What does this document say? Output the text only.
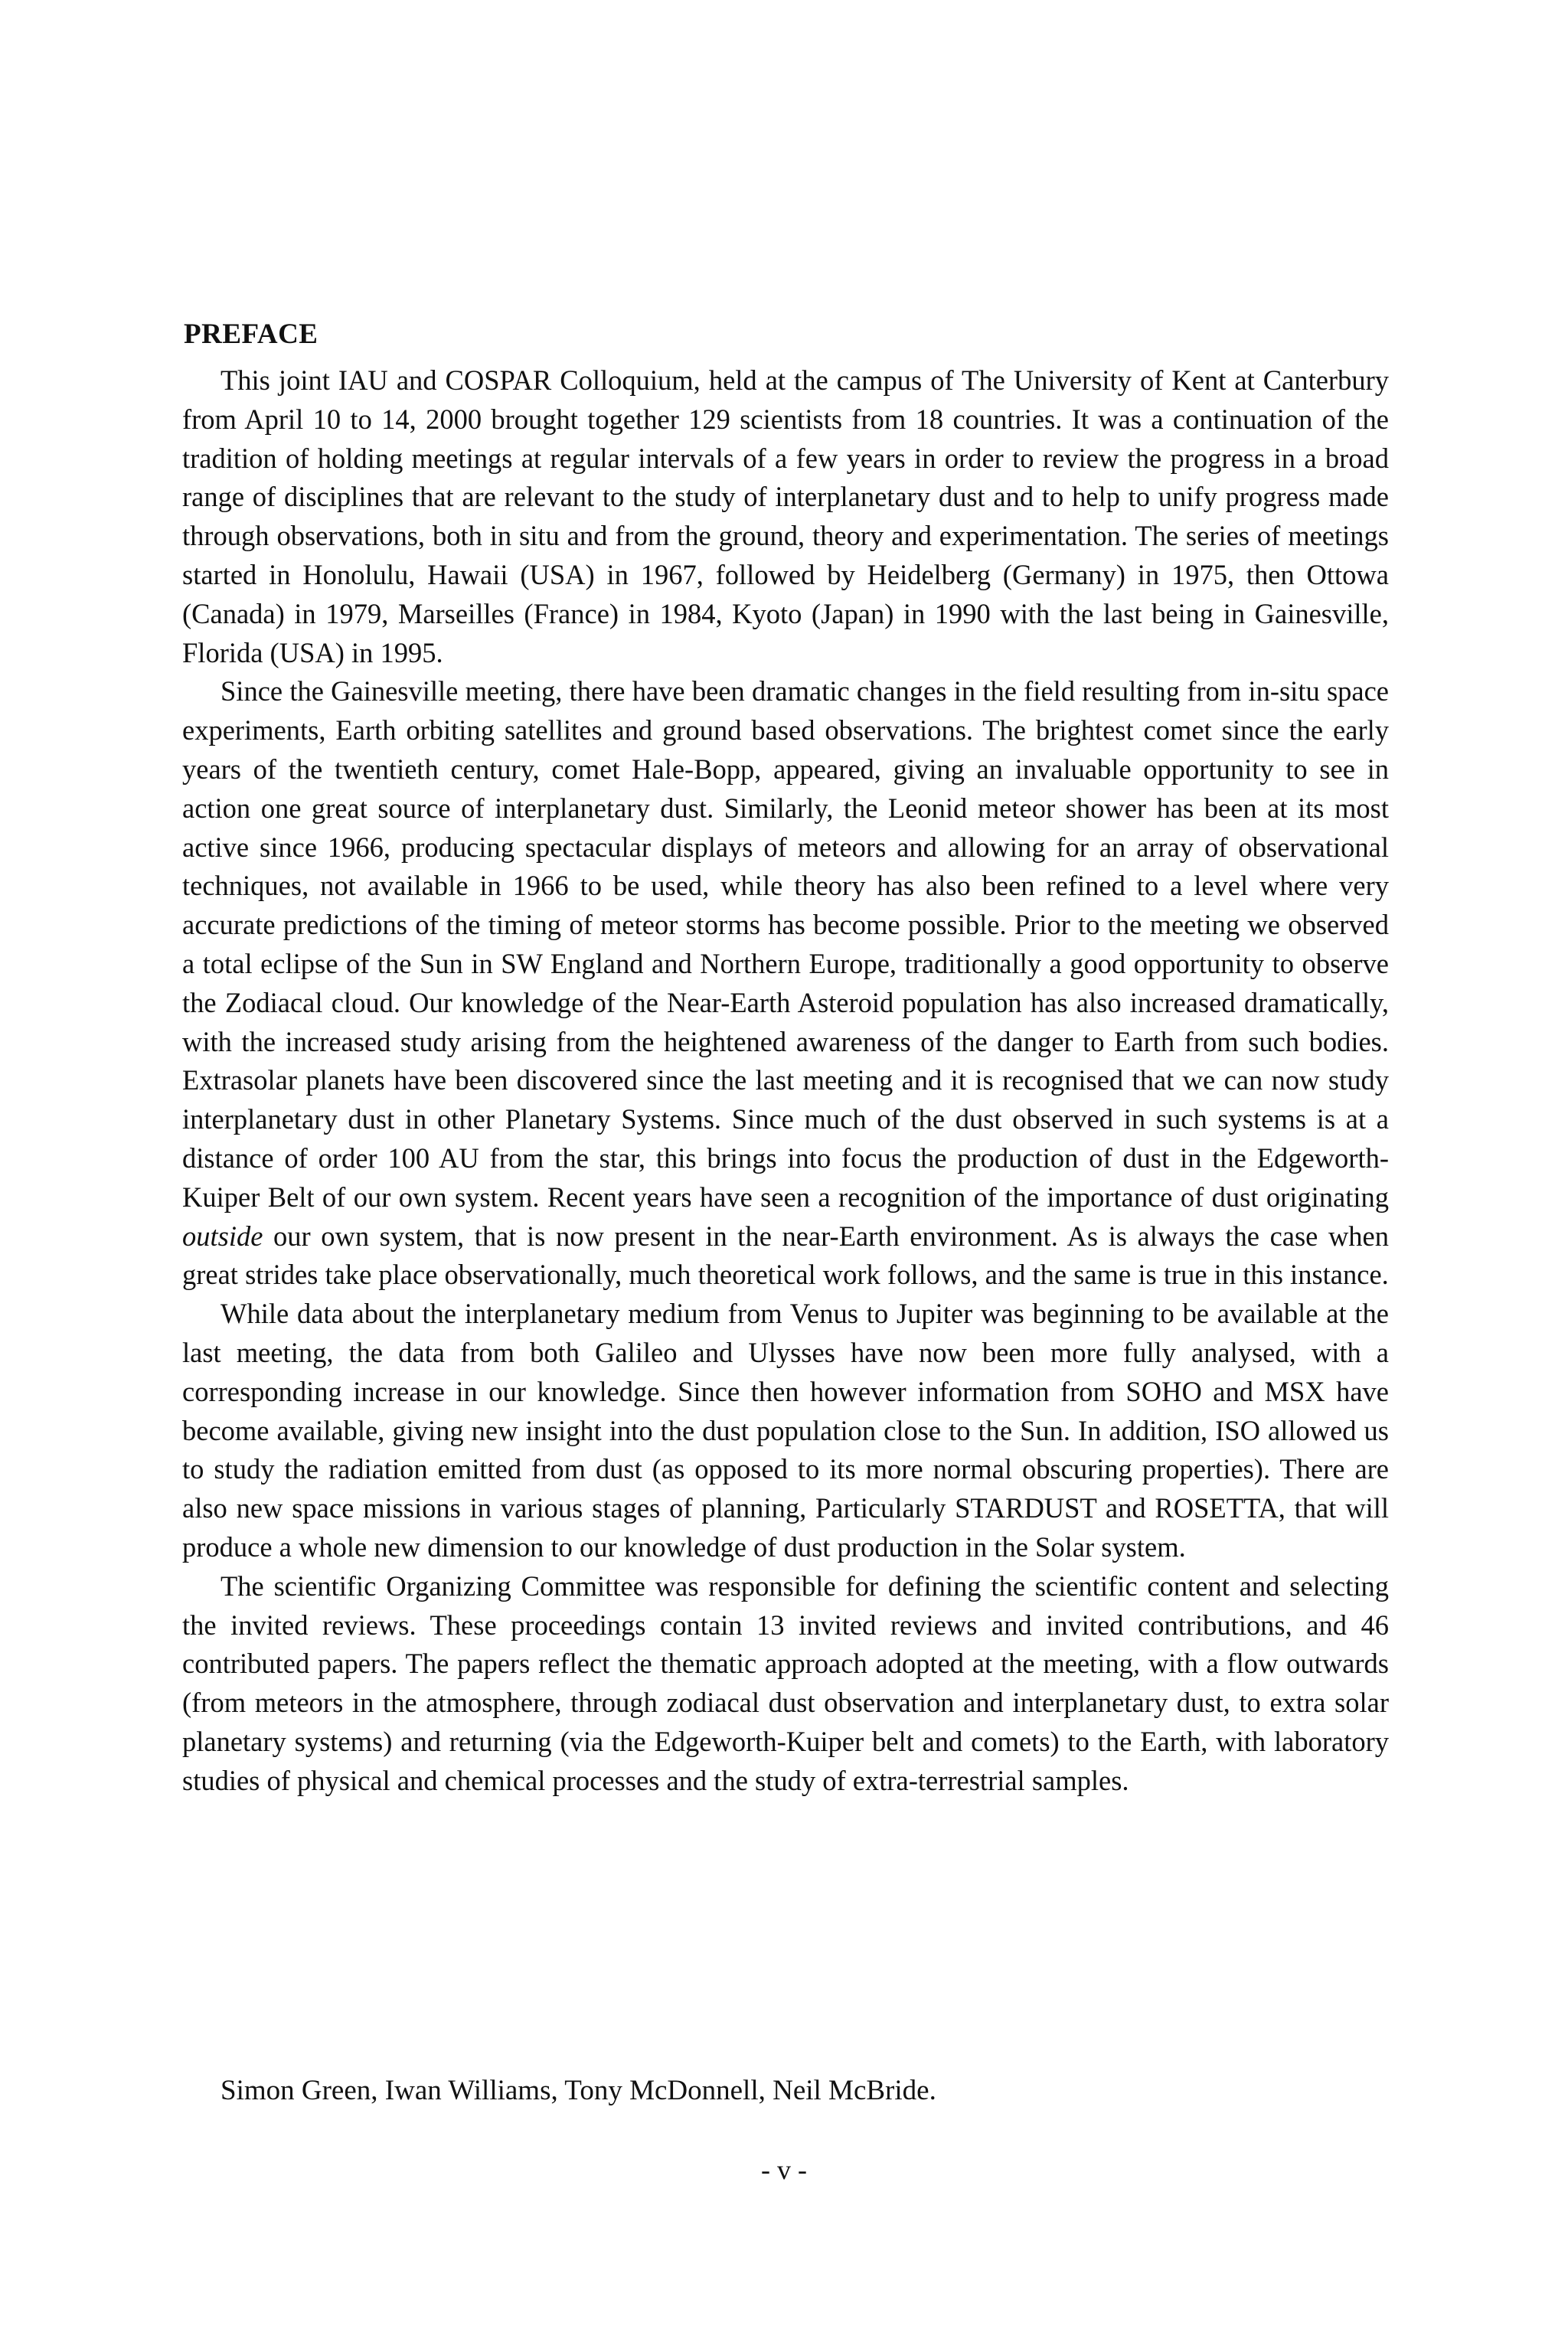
PREFACE

This joint IAU and COSPAR Colloquium, held at the campus of The University of Kent at Canterbury from April 10 to 14, 2000 brought together 129 scientists from 18 countries. It was a continuation of the tradition of holding meetings at regular intervals of a few years in order to review the progress in a broad range of disciplines that are relevant to the study of interplanetary dust and to help to unify progress made through observations, both in situ and from the ground, theory and experimentation. The series of meetings started in Honolulu, Hawaii (USA) in 1967, followed by Heidelberg (Germany) in 1975, then Ottowa (Canada) in 1979, Marseilles (France) in 1984, Kyoto (Japan) in 1990 with the last being in Gainesville, Florida (USA) in 1995.

Since the Gainesville meeting, there have been dramatic changes in the field resulting from in-situ space experiments, Earth orbiting satellites and ground based observations. The brightest comet since the early years of the twentieth century, comet Hale-Bopp, appeared, giving an invaluable opportunity to see in action one great source of interplanetary dust. Similarly, the Leonid meteor shower has been at its most active since 1966, producing spectacular displays of meteors and allowing for an array of observational techniques, not available in 1966 to be used, while theory has also been refined to a level where very accurate predictions of the timing of meteor storms has become possible. Prior to the meeting we observed a total eclipse of the Sun in SW England and Northern Europe, traditionally a good opportunity to observe the Zodiacal cloud. Our knowledge of the Near-Earth Asteroid population has also increased dramatically, with the increased study arising from the heightened awareness of the danger to Earth from such bodies. Extrasolar planets have been discovered since the last meeting and it is recognised that we can now study interplanetary dust in other Planetary Systems. Since much of the dust observed in such systems is at a distance of order 100 AU from the star, this brings into focus the production of dust in the Edgeworth-Kuiper Belt of our own system. Recent years have seen a recognition of the importance of dust originating outside our own system, that is now present in the near-Earth environment. As is always the case when great strides take place observationally, much theoretical work follows, and the same is true in this instance.

While data about the interplanetary medium from Venus to Jupiter was beginning to be available at the last meeting, the data from both Galileo and Ulysses have now been more fully analysed, with a corresponding increase in our knowledge. Since then however information from SOHO and MSX have become available, giving new insight into the dust population close to the Sun. In addition, ISO allowed us to study the radiation emitted from dust (as opposed to its more normal obscuring properties). There are also new space missions in various stages of planning, Particularly STARDUST and ROSETTA, that will produce a whole new dimension to our knowledge of dust production in the Solar system.

The scientific Organizing Committee was responsible for defining the scientific content and selecting the invited reviews. These proceedings contain 13 invited reviews and invited contributions, and 46 contributed papers. The papers reflect the thematic approach adopted at the meeting, with a flow outwards (from meteors in the atmosphere, through zodiacal dust observation and interplanetary dust, to extra solar planetary systems) and returning (via the Edgeworth-Kuiper belt and comets) to the Earth, with laboratory studies of physical and chemical processes and the study of extra-terrestrial samples.

Simon Green, Iwan Williams, Tony McDonnell, Neil McBride.

- v -
